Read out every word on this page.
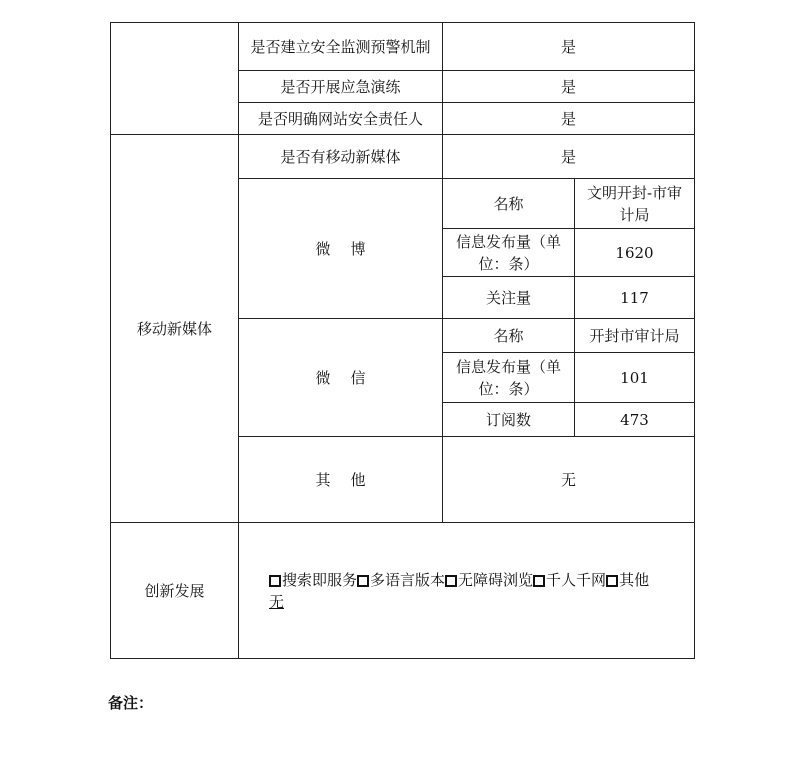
	是否建立安全监测预警机制	是	
	是否开展应急演练	是	
	是否明确网站安全责任人	是	
移动新媒体	是否有移动新媒体	是	
	微博	名称	文明开封-市审计局
		信息发布量（单位：条）	1620
		关注量	117
	微信	名称	开封市审计局
		信息发布量（单位：条）	101
		订阅数	473
	其他	无	
创新发展	搜索即服务 多语言版本 无障碍浏览 千人千网 其他
无		
备注：
